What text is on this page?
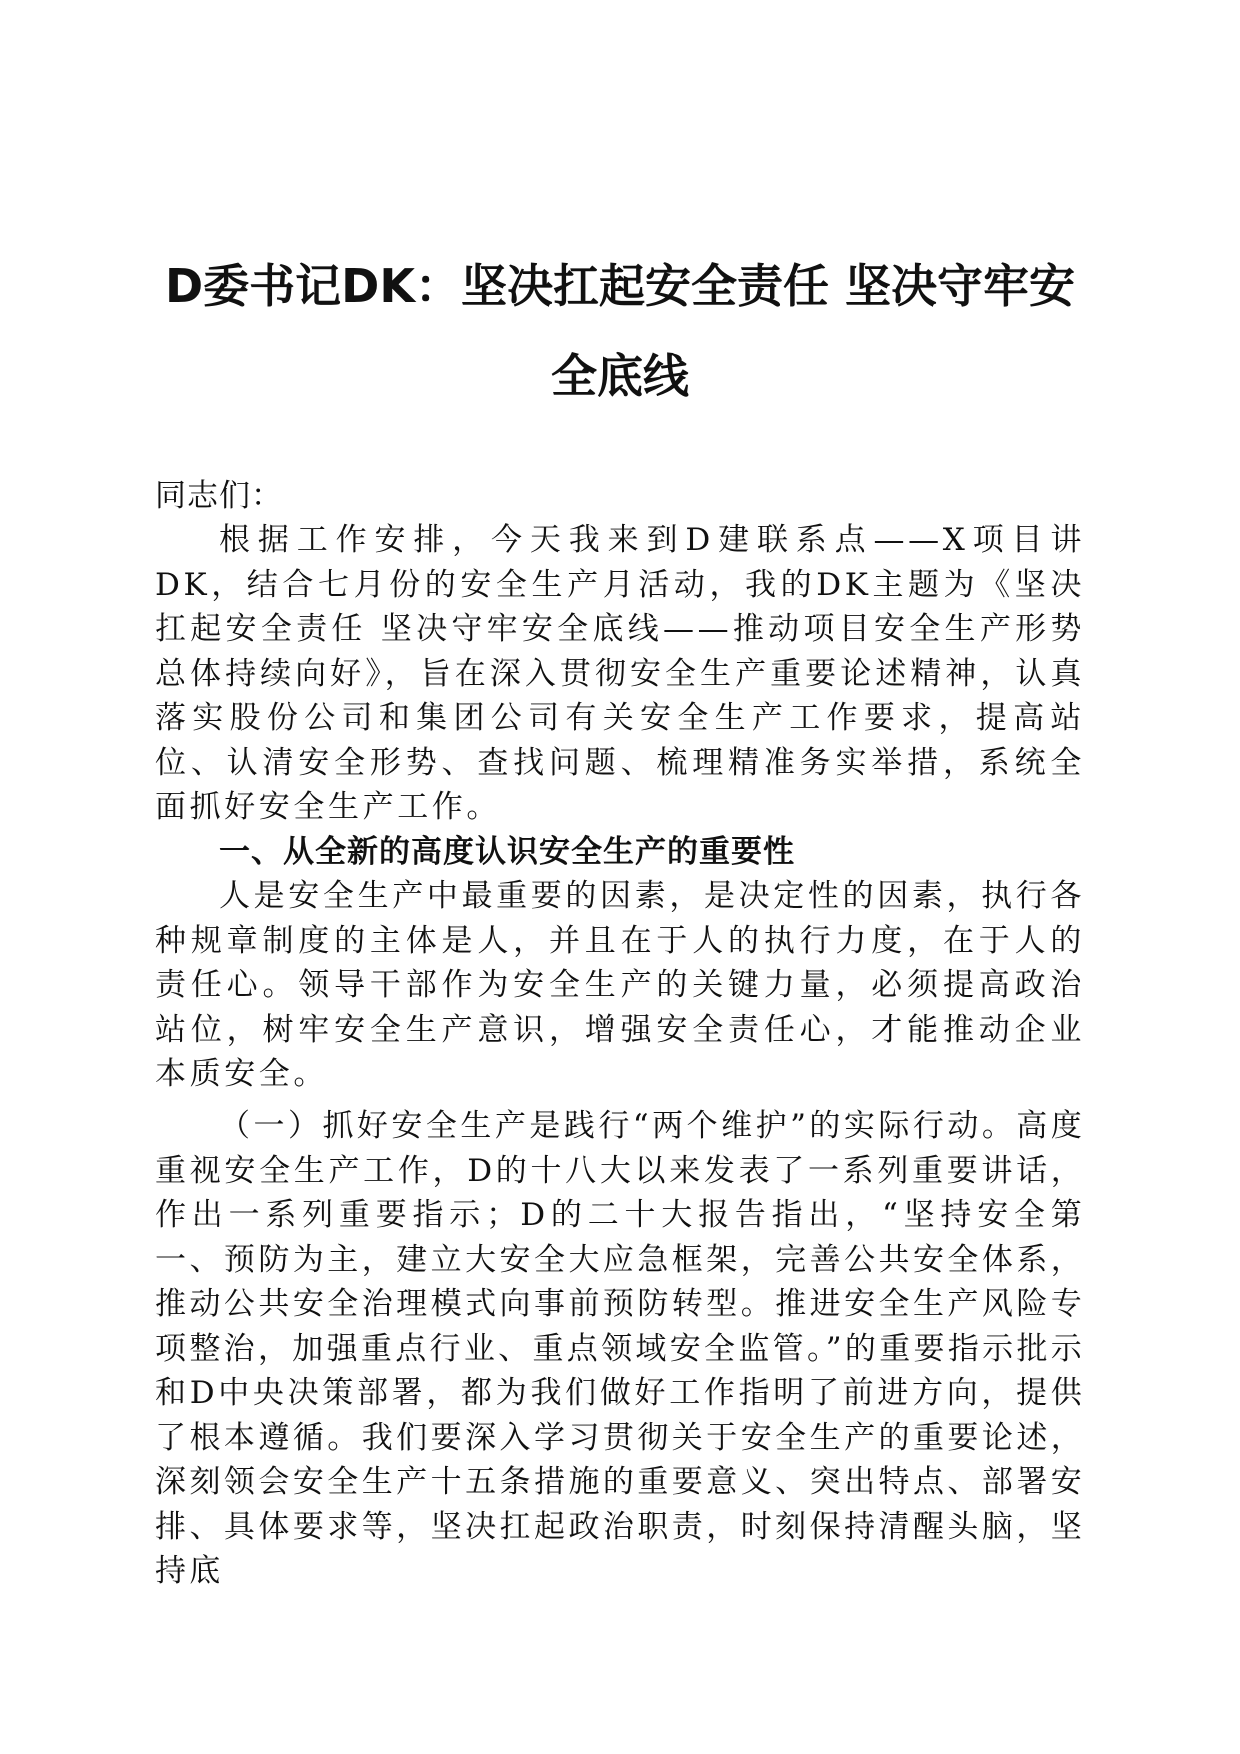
D委书记DK：坚决扛起安全责任 坚决守牢安
全底线

同志们：

根据工作安排，今天我来到D建联系点——X项目讲DK，结合七月份的安全生产月活动，我的DK主题为《坚决扛起安全责任 坚决守牢安全底线——推动项目安全生产形势总体持续向好》，旨在深入贯彻安全生产重要论述精神，认真落实股份公司和集团公司有关安全生产工作要求，提高站位、认清安全形势、查找问题、梳理精准务实举措，系统全面抓好安全生产工作。

一、从全新的高度认识安全生产的重要性

人是安全生产中最重要的因素，是决定性的因素，执行各种规章制度的主体是人，并且在于人的执行力度，在于人的责任心。领导干部作为安全生产的关键力量，必须提高政治站位，树牢安全生产意识，增强安全责任心，才能推动企业本质安全。

（一）抓好安全生产是践行“两个维护”的实际行动。高度重视安全生产工作，D的十八大以来发表了一系列重要讲话，作出一系列重要指示；D的二十大报告指出，“坚持安全第一、预防为主，建立大安全大应急框架，完善公共安全体系，推动公共安全治理模式向事前预防转型。推进安全生产风险专项整治，加强重点行业、重点领域安全监管。”的重要指示批示和D中央决策部署，都为我们做好工作指明了前进方向，提供了根本遵循。我们要深入学习贯彻关于安全生产的重要论述，深刻领会安全生产十五条措施的重要意义、突出特点、部署安排、具体要求等，坚决扛起政治职责，时刻保持清醒头脑，坚持底
